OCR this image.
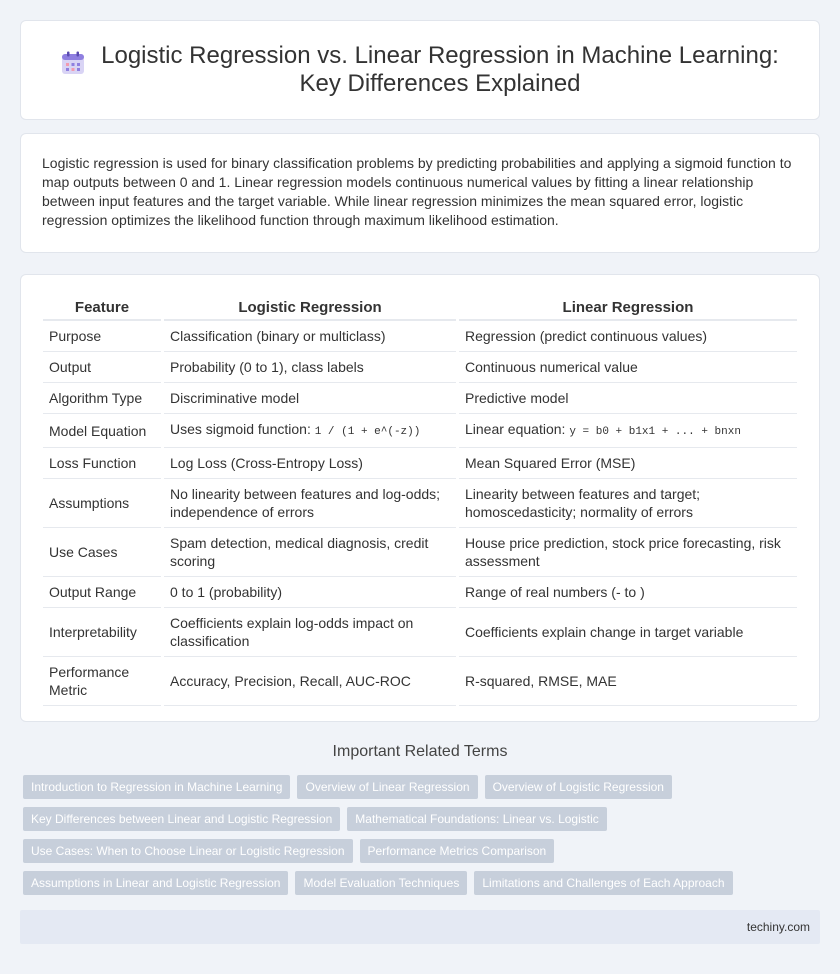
Logistic Regression vs. Linear Regression in Machine Learning: Key Differences Explained

Logistic regression is used for binary classification problems by predicting probabilities and applying a sigmoid function to map outputs between 0 and 1. Linear regression models continuous numerical values by fitting a linear relationship between input features and the target variable. While linear regression minimizes the mean squared error, logistic regression optimizes the likelihood function through maximum likelihood estimation.

Feature	Logistic Regression	Linear Regression
Purpose	Classification (binary or multiclass)	Regression (predict continuous values)
Output	Probability (0 to 1), class labels	Continuous numerical value
Algorithm Type	Discriminative model	Predictive model
Model Equation	Uses sigmoid function: 1 / (1 + e^(-z))	Linear equation: y = b0 + b1x1 + ... + bnxn
Loss Function	Log Loss (Cross-Entropy Loss)	Mean Squared Error (MSE)
Assumptions	No linearity between features and log-odds; independence of errors	Linearity between features and target; homoscedasticity; normality of errors
Use Cases	Spam detection, medical diagnosis, credit scoring	House price prediction, stock price forecasting, risk assessment
Output Range	0 to 1 (probability)	Range of real numbers (- to )
Interpretability	Coefficients explain log-odds impact on classification	Coefficients explain change in target variable
Performance Metric	Accuracy, Precision, Recall, AUC-ROC	R-squared, RMSE, MAE
Important Related Terms
Introduction to Regression in Machine Learning	Overview of Linear Regression	Overview of Logistic Regression
Key Differences between Linear and Logistic Regression	Mathematical Foundations: Linear vs. Logistic
Use Cases: When to Choose Linear or Logistic Regression	Performance Metrics Comparison
Assumptions in Linear and Logistic Regression	Model Evaluation Techniques	Limitations and Challenges of Each Approach
techiny.com
